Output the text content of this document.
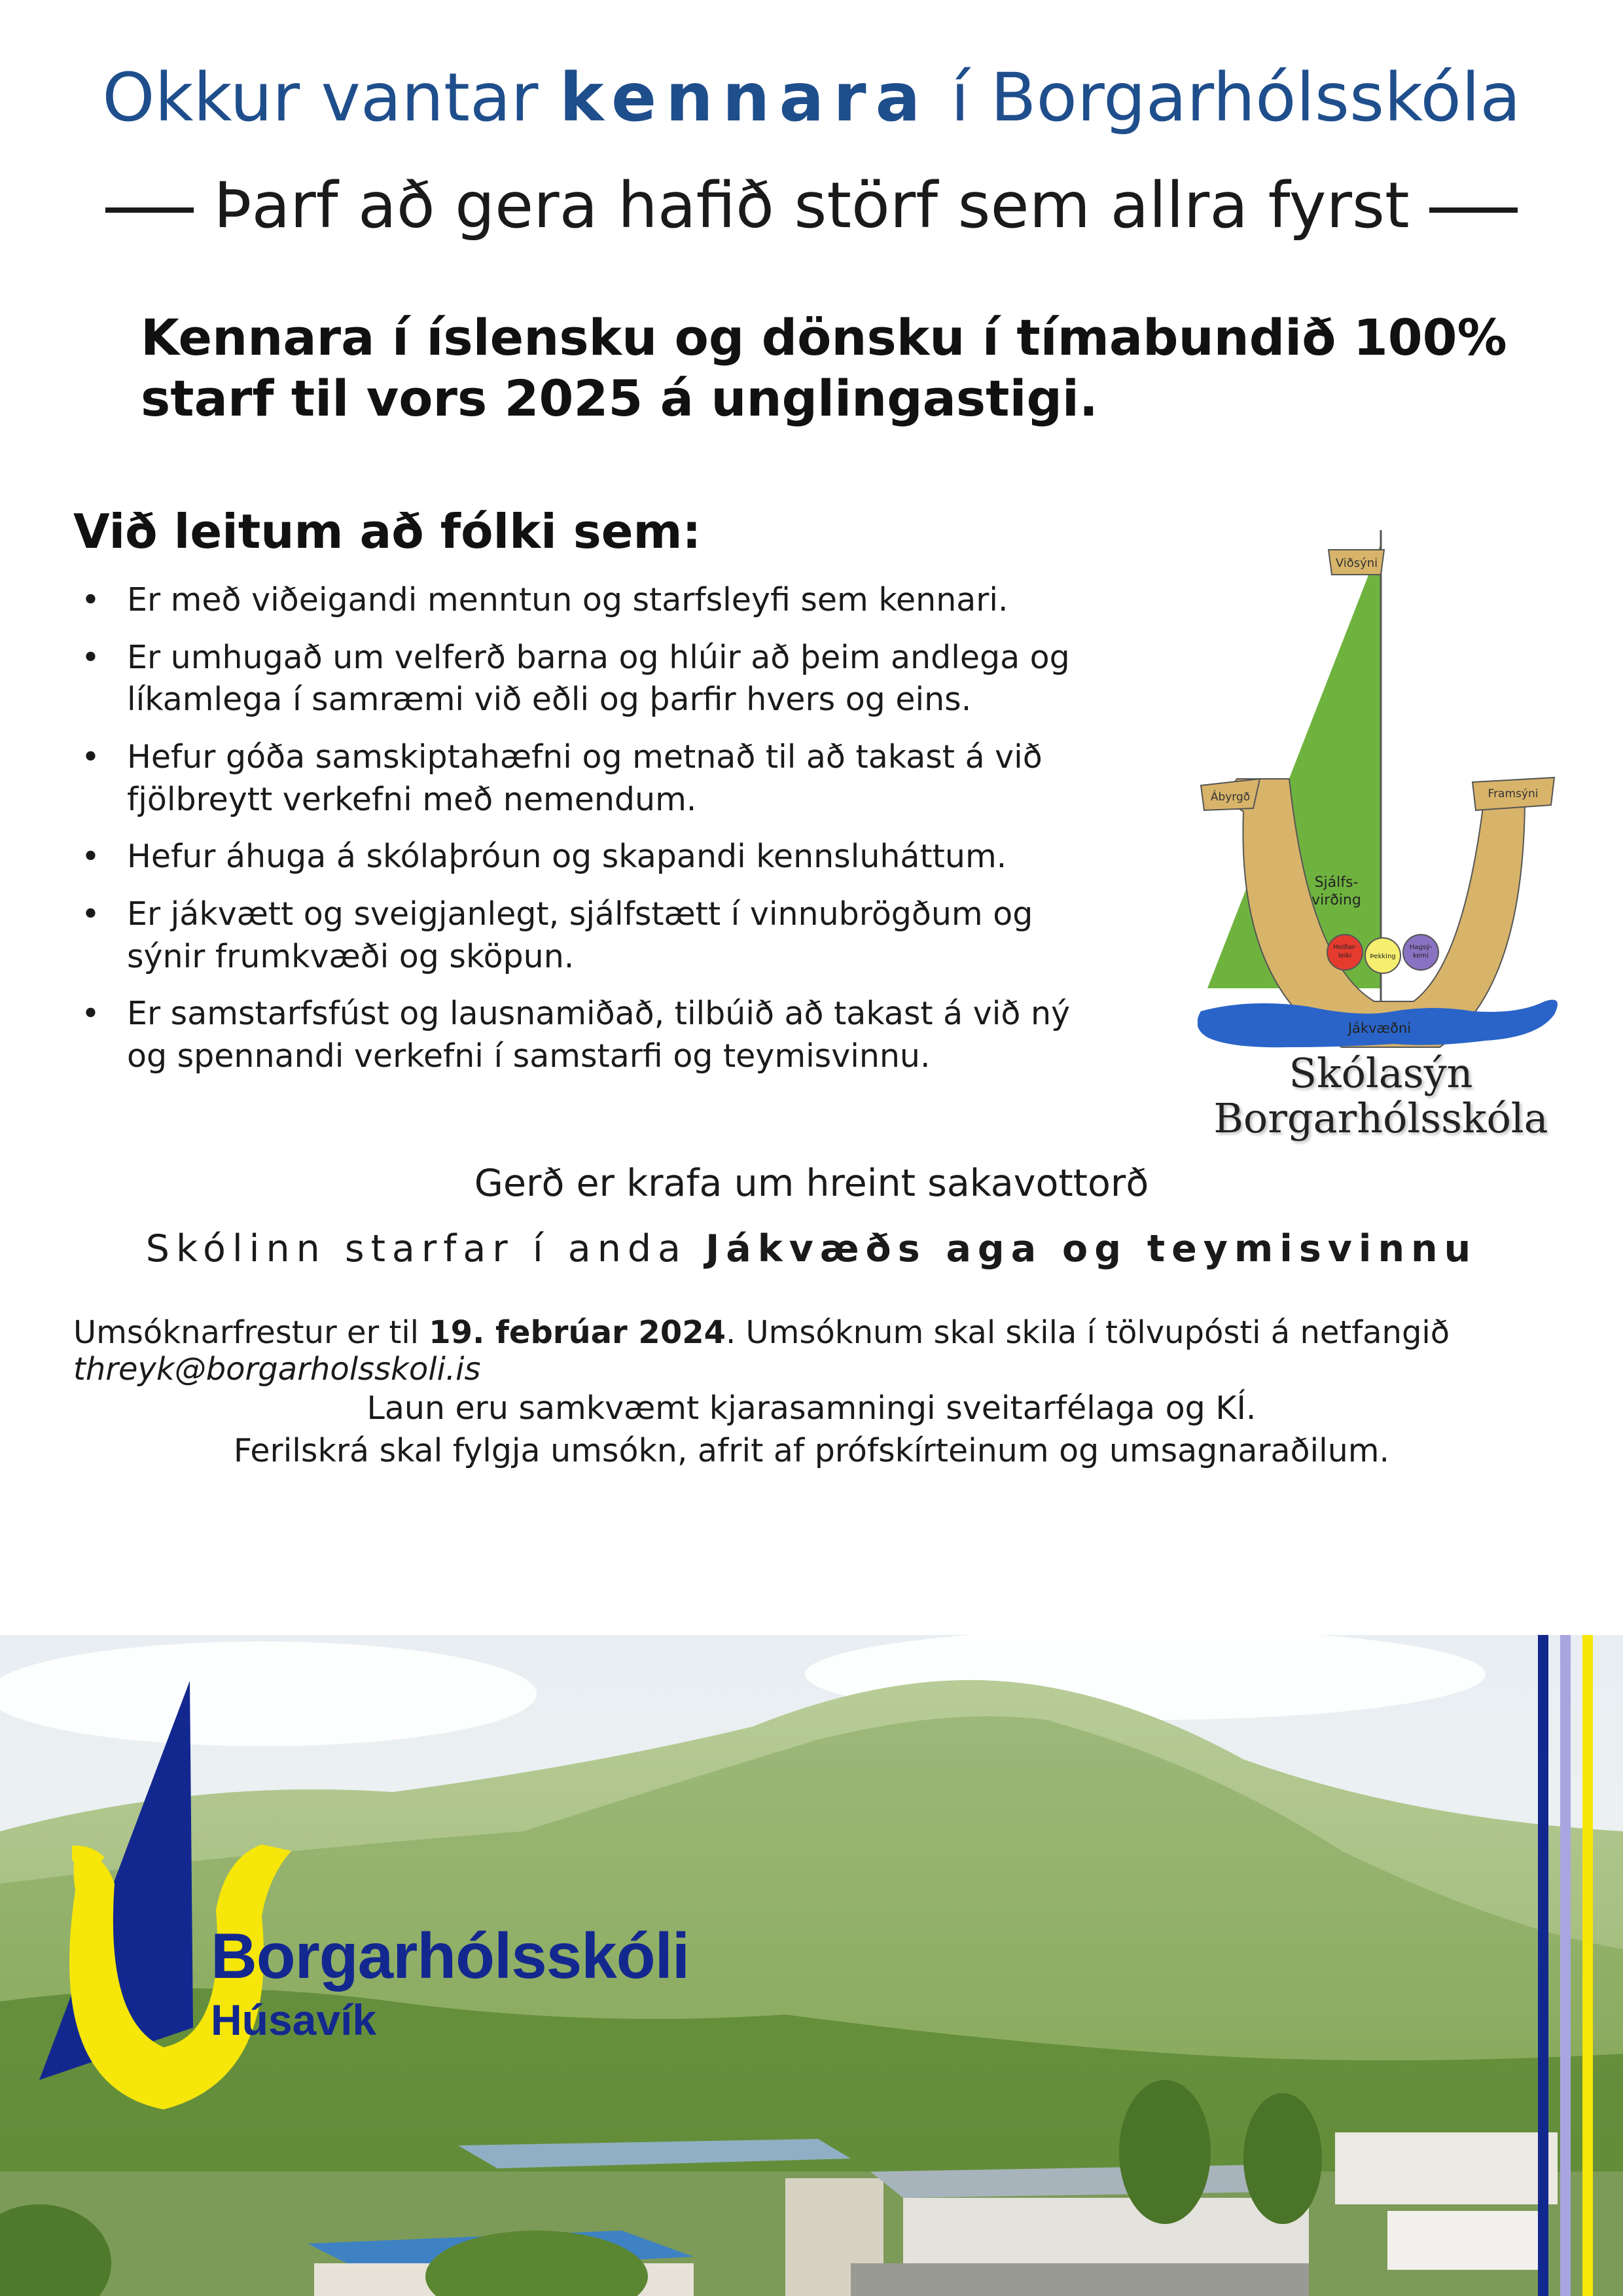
Okkur vantar kennara í Borgarhólsskóla
Þarf að gera hafið störf sem allra fyrst
Kennara í íslensku og dönsku í tímabundið 100% starf til vors 2025 á unglingastigi.
Við leitum að fólki sem:
• Er með viðeigandi menntun og starfsleyfi sem kennari.
• Er umhugað um velferð barna og hlúir að þeim andlega og líkamlega í samræmi við eðli og þarfir hvers og eins.
• Hefur góða samskiptahæfni og metnað til að takast á við fjölbreytt verkefni með nemendum.
• Hefur áhuga á skólaþróun og skapandi kennsluháttum.
• Er jákvætt og sveigjanlegt, sjálfstætt í vinnubrögðum og sýnir frumkvæði og sköpun.
• Er samstarfsfúst og lausnamiðað, tilbúið að takast á við ný og spennandi verkefni í samstarfi og teymisvinnu.
Viðsýni
Ábyrgð	Framsýni
Sjálfs-
virðing
Heiðar-
leiki	Þekking
Hagsý-
kemi
Jákvæðni
Skólasýn
Borgarhólsskóla
Gerð er krafa um hreint sakavottorð
Skólinn starfar í anda Jákvæðs aga og teymisvinnu
Umsóknarfrestur er til 19. febrúar 2024. Umsóknum skal skila í tölvupósti á netfangið
threyk@borgarholsskoli.is
Laun eru samkvæmt kjarasamningi sveitarfélaga og KÍ.
Ferilskrá skal fylgja umsókn, afrit af prófskírteinum og umsagnaraðilum.
Borgarhólsskóli
Húsavík
